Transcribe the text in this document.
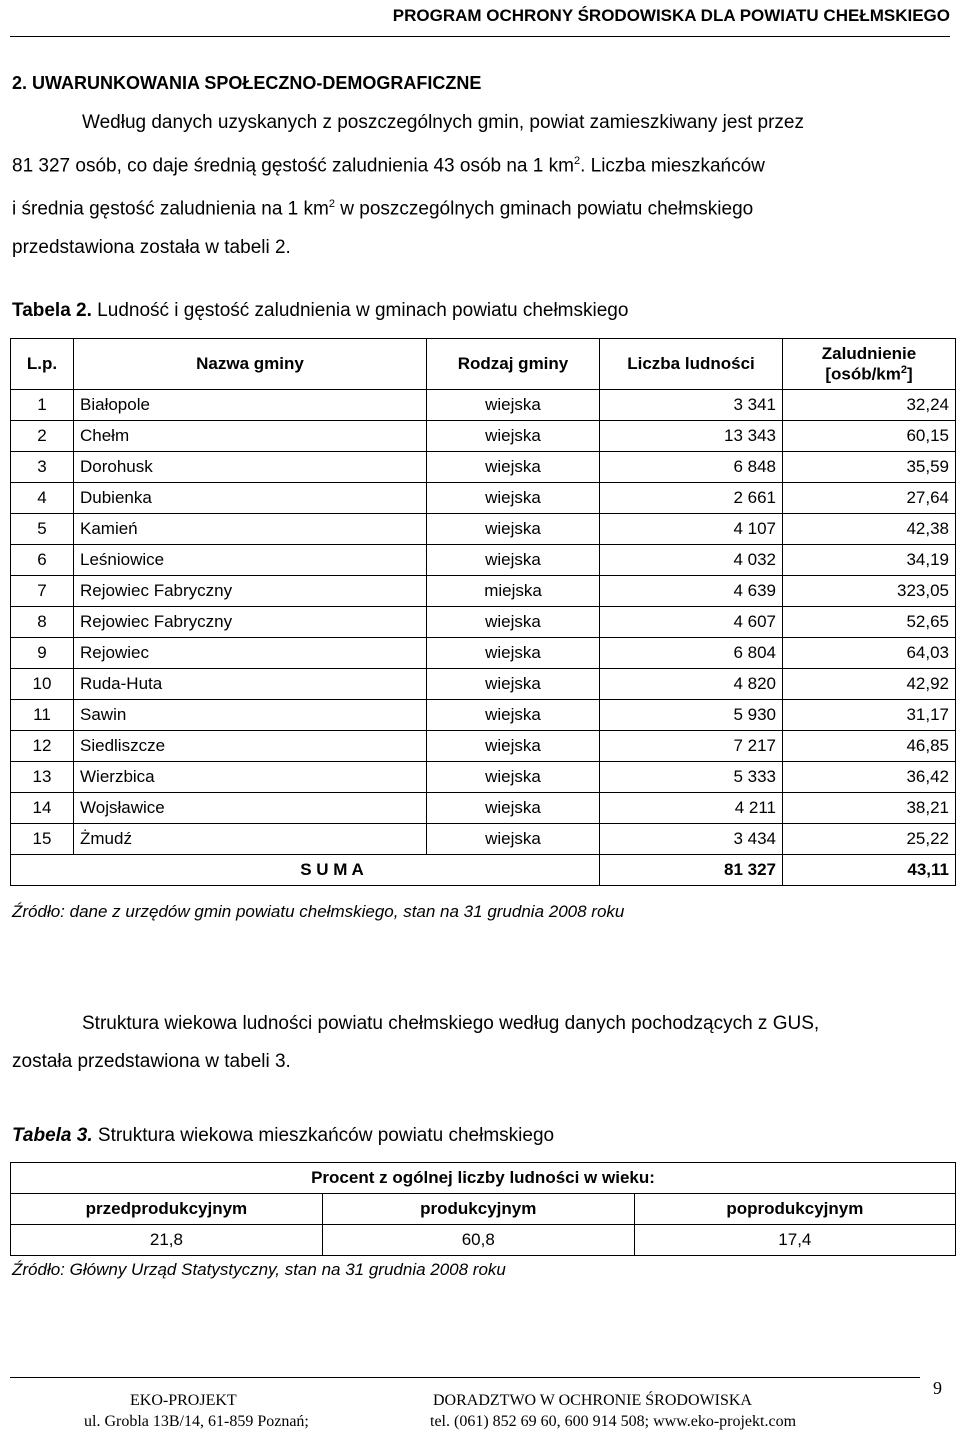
PROGRAM OCHRONY ŚRODOWISKA DLA POWIATU CHEŁMSKIEGO
2. UWARUNKOWANIA SPOŁECZNO-DEMOGRAFICZNE
Według danych uzyskanych z poszczególnych gmin, powiat zamieszkiwany jest przez
81 327 osób, co daje średnią gęstość zaludnienia 43 osób na 1 $km^2$. Liczba mieszkańców
i średnia gęstość zaludnienia na 1 $km^2$ w poszczególnych gminach powiatu chełmskiego
przedstawiona została w tabeli 2.
Tabela 2. Ludność i gęstość zaludnienia w gminach powiatu chełmskiego
L.p.	Nazwa gminy	Rodzaj gminy	Liczba ludności	Zaludnienie
$[osób/km^2]$
1	Białopole	wiejska	3 341	32,24
2	Chełm	wiejska	13 343	60,15
3	Dorohusk	wiejska	6 848	35,59
4	Dubienka	wiejska	2 661	27,64
5	Kamień	wiejska	4 107	42,38
6	Leśniowice	wiejska	4 032	34,19
7	Rejowiec Fabryczny	miejska	4 639	323,05
8	Rejowiec Fabryczny	wiejska	4 607	52,65
9	Rejowiec	wiejska	6 804	64,03
10	Ruda-Huta	wiejska	4 820	42,92
11	Sawin	wiejska	5 930	31,17
12	Siedliszcze	wiejska	7 217	46,85
13	Wierzbica	wiejska	5 333	36,42
14	Wojsławice	wiejska	4 211	38,21
15	Żmudź	wiejska	3 434	25,22
S U M A			81 327	43,11
Źródło: dane z urzędów gmin powiatu chełmskiego, stan na 31 grudnia 2008 roku
Struktura wiekowa ludności powiatu chełmskiego według danych pochodzących z GUS,
została przedstawiona w tabeli 3.
Tabela 3. Struktura wiekowa mieszkańców powiatu chełmskiego
Procent z ogólnej liczby ludności w wieku:		
przedprodukcyjnym	produkcyjnym	poprodukcyjnym
21,8	60,8	17,4
Źródło: Główny Urząd Statystyczny, stan na 31 grudnia 2008 roku
EKO-PROJEKT
ul. Grobla 13B/14, 61-859 Poznań;
DORADZTWO W OCHRONIE ŚRODOWISKA
tel. (061) 852 69 60, 600 914 508; www.eko-projekt.com
9
